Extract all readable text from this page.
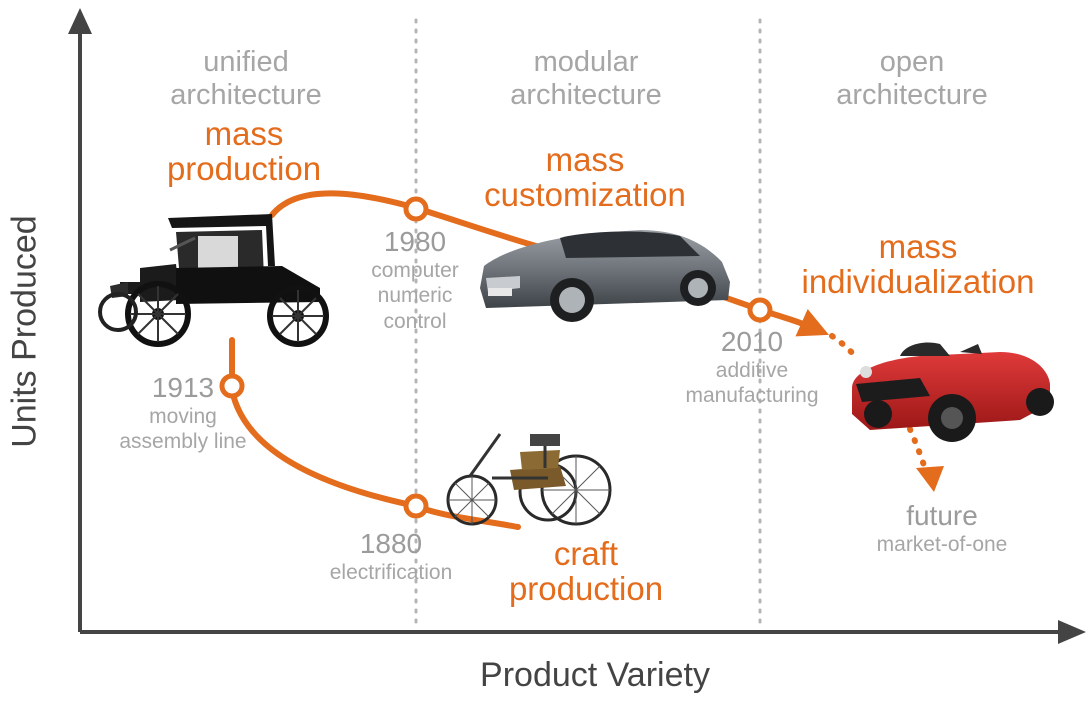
unified
architecture
modular
architecture
open
architecture
mass
production	mass
customization
mass
individualization
craft
production
1913
moving
assembly line
1880
electrification
1980
computer
numeric
control
2010
additive
manufacturing
future
market-of-one
Product Variety
Units Produced
